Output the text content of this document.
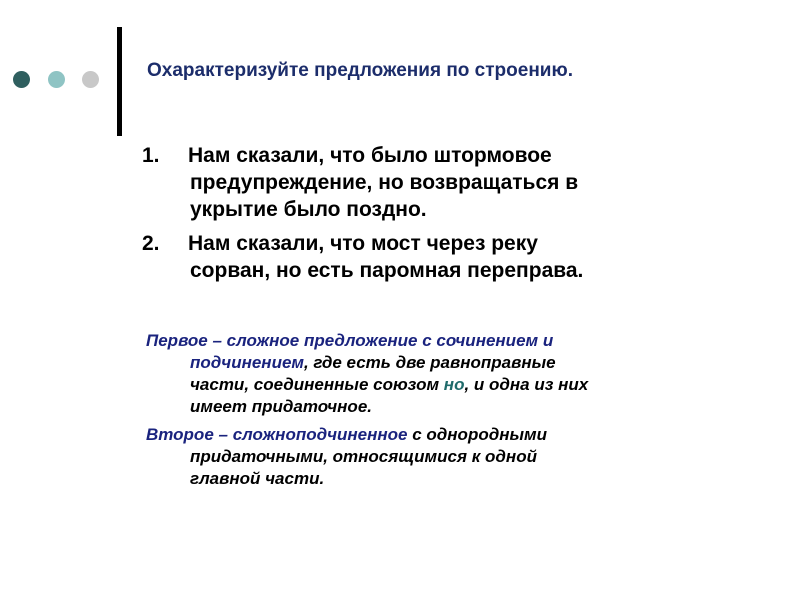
Охарактеризуйте предложения по строению.
1. Нам сказали, что было штормовое
предупреждение, но возвращаться в
укрытие было поздно.
2. Нам сказали, что мост через реку
сорван, но есть паромная переправа.
Первое – сложное предложение с сочинением и
подчинением, где есть две равноправные
части, соединенные союзом но, и одна из них
имеет придаточное.
Второе – сложноподчиненное с однородными
придаточными, относящимися к одной
главной части.
